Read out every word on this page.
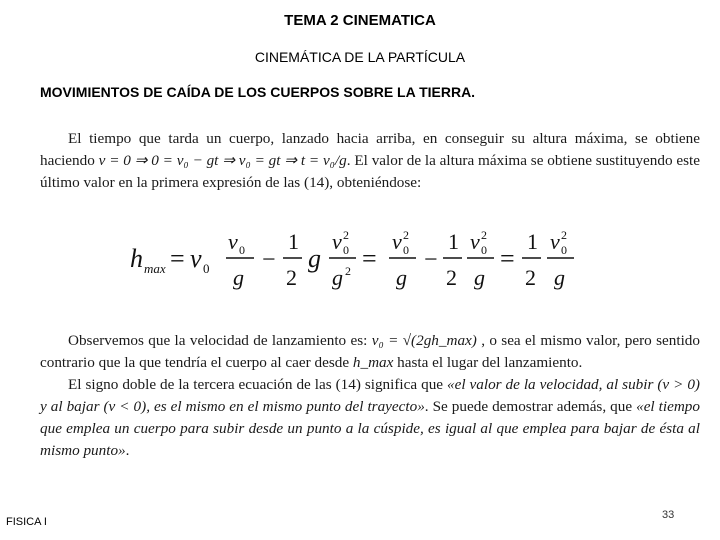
TEMA 2 CINEMATICA
CINEMÁTICA DE LA PARTÍCULA
MOVIMIENTOS DE CAÍDA DE LOS CUERPOS SOBRE LA TIERRA.

El tiempo que tarda un cuerpo, lanzado hacia arriba, en conseguir su altura máxima, se obtiene haciendo v = 0 ⇒ 0 = v₀ − gt ⇒ v₀ = gt ⇒ t = v₀/g. El valor de la altura máxima se obtiene sustituyendo este último valor en la primera expresión de las (14), obteniéndose:

h max = v 0
v 0
g
−
1
2
g
v 0
2
g 2 =
v 0
2
g
−
1
2
v 0
2
g
=
1
2
v 0
2
g

Observemos que la velocidad de lanzamiento es: v₀ = √(2gh_max) , o sea el mismo valor, pero sentido contrario que la que tendría el cuerpo al caer desde h_max hasta el lugar del lanzamiento.

El signo doble de la tercera ecuación de las (14) significa que «el valor de la velocidad, al subir (v > 0) y al bajar (v < 0), es el mismo en el mismo punto del trayecto». Se puede demostrar además, que «el tiempo que emplea un cuerpo para subir desde un punto a la cúspide, es igual al que emplea para bajar de ésta al mismo punto».

FISICA I
33
